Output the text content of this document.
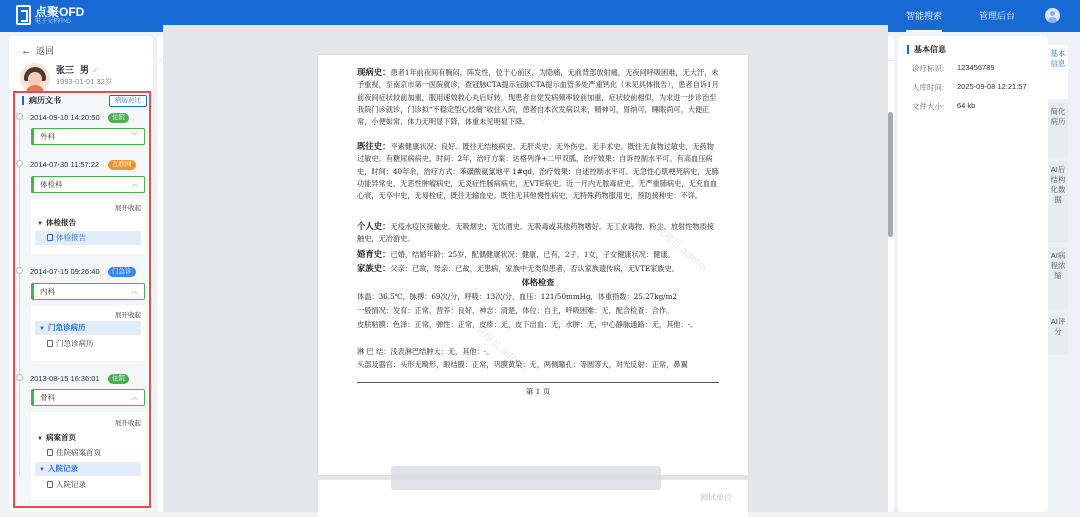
点聚OFD
电子文档中心
智能搜索	管理后台
← 返回
张三 男 ♂
1993-01-01 32岁
病历文书	病历对比
2014-09-10 14:20:50	住院
外科	﹀
2014-07-30 11:57:22	互联网
体检科	︿
展开收起
▼ 体检报告
体检报告
2014-07-15 09:26:40	门急诊
内科	︿
展开收起
▼ 门急诊病历
门急诊病历
2013-08-15 16:36:01	住院
骨科	︿
展开收起
▼ 病案首页
住院病案首页
▼ 入院记录
入院记录
测试单位
现病史：患者1年前夜间有胸闷，阵发性，位于心前区，为隐痛，无前背部放射痛，无夜间呼吸困难，无大汗，未予重视，至南京市第一医院就诊，查冠脉CTA提示冠脉CTA提示血管多处严重钙化（未见具体报告），患者自诉1月前夜间症状较前加重，服用速效救心丸后好转，现患者自觉发病频率较前加重，症状较前相似，为求进一步诊治至我院门诊就诊，门诊拟“不稳定型心绞痛”收住入院，患者自本次发病以来，精神可，胃纳可，睡眠尚可，大便正常，小便如常，体力无明显下降，体重未见明显下降。
既往史：平素健康状况：良好。既往无结核病史。无肝炎史。无外伤史。无手术史。既往无食物过敏史，无药物过敏史。有糖尿病病史，时间：2年，治疗方案：达格列净+二甲双胍，治疗效果：自诉控制水平可。有高血压病史，时间：40年余，治疗方式：苯磺酸氨氯地平 1#qd，治疗效果：自述控制水平可。无急性心肌梗死病史，无肺功能异常史，无恶性肿瘤病史，无炎症性肠病病史，无VTE病史。近一月内无脓毒症史，无严重肺病史，无充血血心衰，无卒中史，无易栓症，既往无输血史。既往无其他慢性病史，无特殊药物服用史，预防接种史：不详。
个人史：无疫水疫区接触史。无吸烟史；无饮酒史。无吸毒或其他药物嗜好。无工业毒物、粉尘、放射性物质接触史，无冶游史。
婚育史：已婚，结婚年龄：25岁，配偶健康状况：健康，已有，2子，1女，子女健康状况：健康。
家族史：父亲：已故，母亲：已故，无患病，家族中无类似患者，否认家族遗传病，无VTE家族史。
体格检查
体温：36.5℃，脉搏：69次/分，呼吸：13次/分，血压：121/50mmHg，体重指数：25.27kg/m2
一般情况：发育：正常，营养：良好，神志：清楚，体位：自主，呼吸困难：无，配合检查：合作。
皮肤粘膜：色泽：正常，弹性：正常，皮疹：无，皮下出血：无，水肿：无，中心静脉通路：无，其他：-。
淋 巴 结：浅表淋巴结肿大：无，其他：-。
头部及器官：头形无畸形，眼结膜：正常，巩膜黄染：无，两侧瞳孔：等圆等大，对光反射：正常，鼻翼
第 1 页
管理员 admin
管理员 admin
管理员 admin
基本信息
诊疗标识: 123456789
入库时间: 2025-09-08 12:21:57
文件大小: 64 kb
基本信息
简化病历
AI后结构化数据
AI病程浓缩
AI评分
